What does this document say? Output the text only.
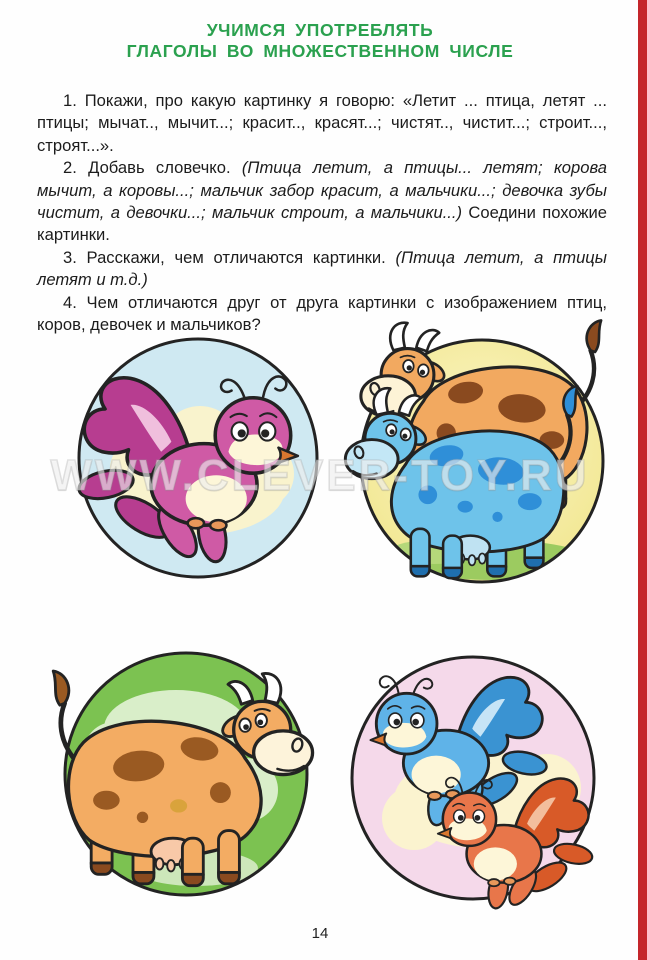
УЧИМСЯ УПОТРЕБЛЯТЬ
ГЛАГОЛЫ ВО МНОЖЕСТВЕННОМ ЧИСЛЕ

1. Покажи, про какую картинку я говорю: «Летит ... птица, летят ... птицы; мычат.., мычит...; красит.., красят...; чистят.., чистит...; строит..., строят...».

2. Добавь словечко. (Птица летит, а птицы... летят; корова мычит, а коровы...; мальчик забор красит, а мальчики...; девочка зубы чистит, а девочки...; мальчик строит, а мальчики...) Соедини похожие картинки.

3. Расскажи, чем отличаются картинки. (Птица летит, а птицы летят и т.д.)

4. Чем отличаются друг от друга картинки с изображением птиц, коров, девочек и мальчиков?

WWW.CLEVER-TOY.RU
14
